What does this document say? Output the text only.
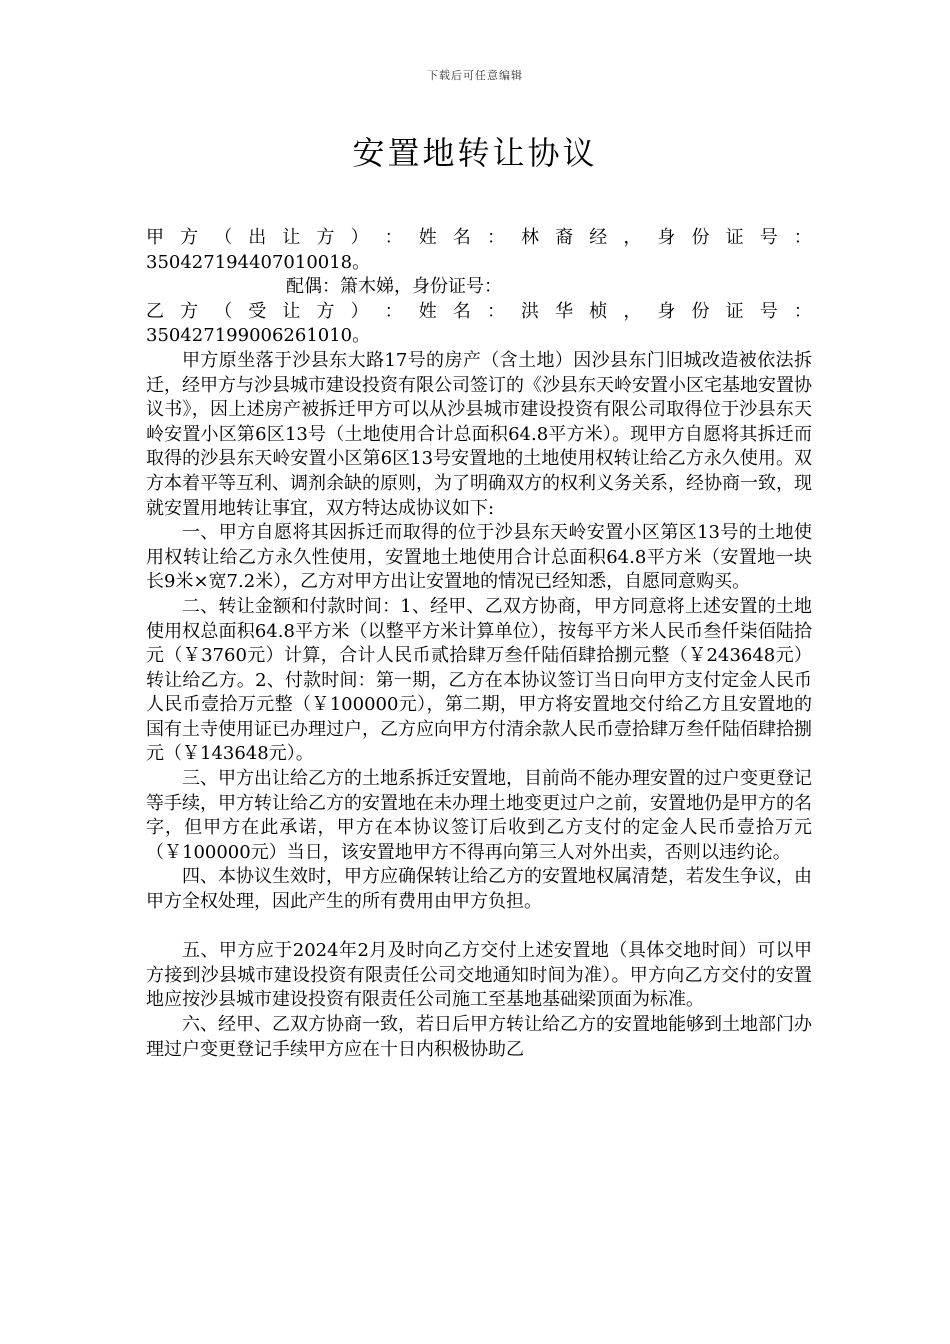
下载后可任意编辑
安置地转让协议
甲 方 （ 出 让 方 ） ： 姓 名 ： 林 裔 经 ， 身 份 证 号 ：
350427194407010018。
配偶：箫木娣，身份证号：
乙 方 （ 受 让 方 ） ： 姓 名 ： 洪 华 桢 ， 身 份 证 号 ：
350427199006261010。

甲方原坐落于沙县东大路17号的房产（含土地）因沙县东门旧城改造被依法拆迁，经甲方与沙县城市建设投资有限公司签订的《沙县东天岭安置小区宅基地安置协议书》，因上述房产被拆迁甲方可以从沙县城市建设投资有限公司取得位于沙县东天岭安置小区第6区13号（土地使用合计总面积64.8平方米）。现甲方自愿将其拆迁而取得的沙县东天岭安置小区第6区13号安置地的土地使用权转让给乙方永久使用。双方本着平等互利、调剂余缺的原则，为了明确双方的权利义务关系，经协商一致，现就安置用地转让事宜，双方特达成协议如下:

一、甲方自愿将其因拆迁而取得的位于沙县东天岭安置小区第区13号的土地使用权转让给乙方永久性使用，安置地土地使用合计总面积64.8平方米（安置地一块长9米×宽7.2米），乙方对甲方出让安置地的情况已经知悉，自愿同意购买。

二、转让金额和付款时间：1、经甲、乙双方协商，甲方同意将上述安置的土地使用权总面积64.8平方米（以整平方米计算单位），按每平方米人民币叁仟柒佰陆拾元（￥3760元）计算，合计人民币贰拾肆万叁仟陆佰肆拾捌元整（￥243648元）转让给乙方。2、付款时间：第一期，乙方在本协议签订当日向甲方支付定金人民币人民币壹拾万元整（￥100000元），第二期，甲方将安置地交付给乙方且安置地的国有土寺使用证已办理过户，乙方应向甲方付清余款人民币壹拾肆万叁仟陆佰肆拾捌元（￥143648元）。

三、甲方出让给乙方的土地系拆迁安置地，目前尚不能办理安置的过户变更登记等手续，甲方转让给乙方的安置地在未办理土地变更过户之前，安置地仍是甲方的名字，但甲方在此承诺，甲方在本协议签订后收到乙方支付的定金人民币壹拾万元（￥100000元）当日，该安置地甲方不得再向第三人对外出卖，否则以违约论。

四、本协议生效时，甲方应确保转让给乙方的安置地权属清楚，若发生争议，由甲方全权处理，因此产生的所有费用由甲方负担。

五、甲方应于2024年2月及时向乙方交付上述安置地（具体交地时间）可以甲方接到沙县城市建设投资有限责任公司交地通知时间为准）。甲方向乙方交付的安置地应按沙县城市建设投资有限责任公司施工至基地基础梁顶面为标准。

六、经甲、乙双方协商一致，若日后甲方转让给乙方的安置地能够到土地部门办理过户变更登记手续甲方应在十日内积极协助乙
